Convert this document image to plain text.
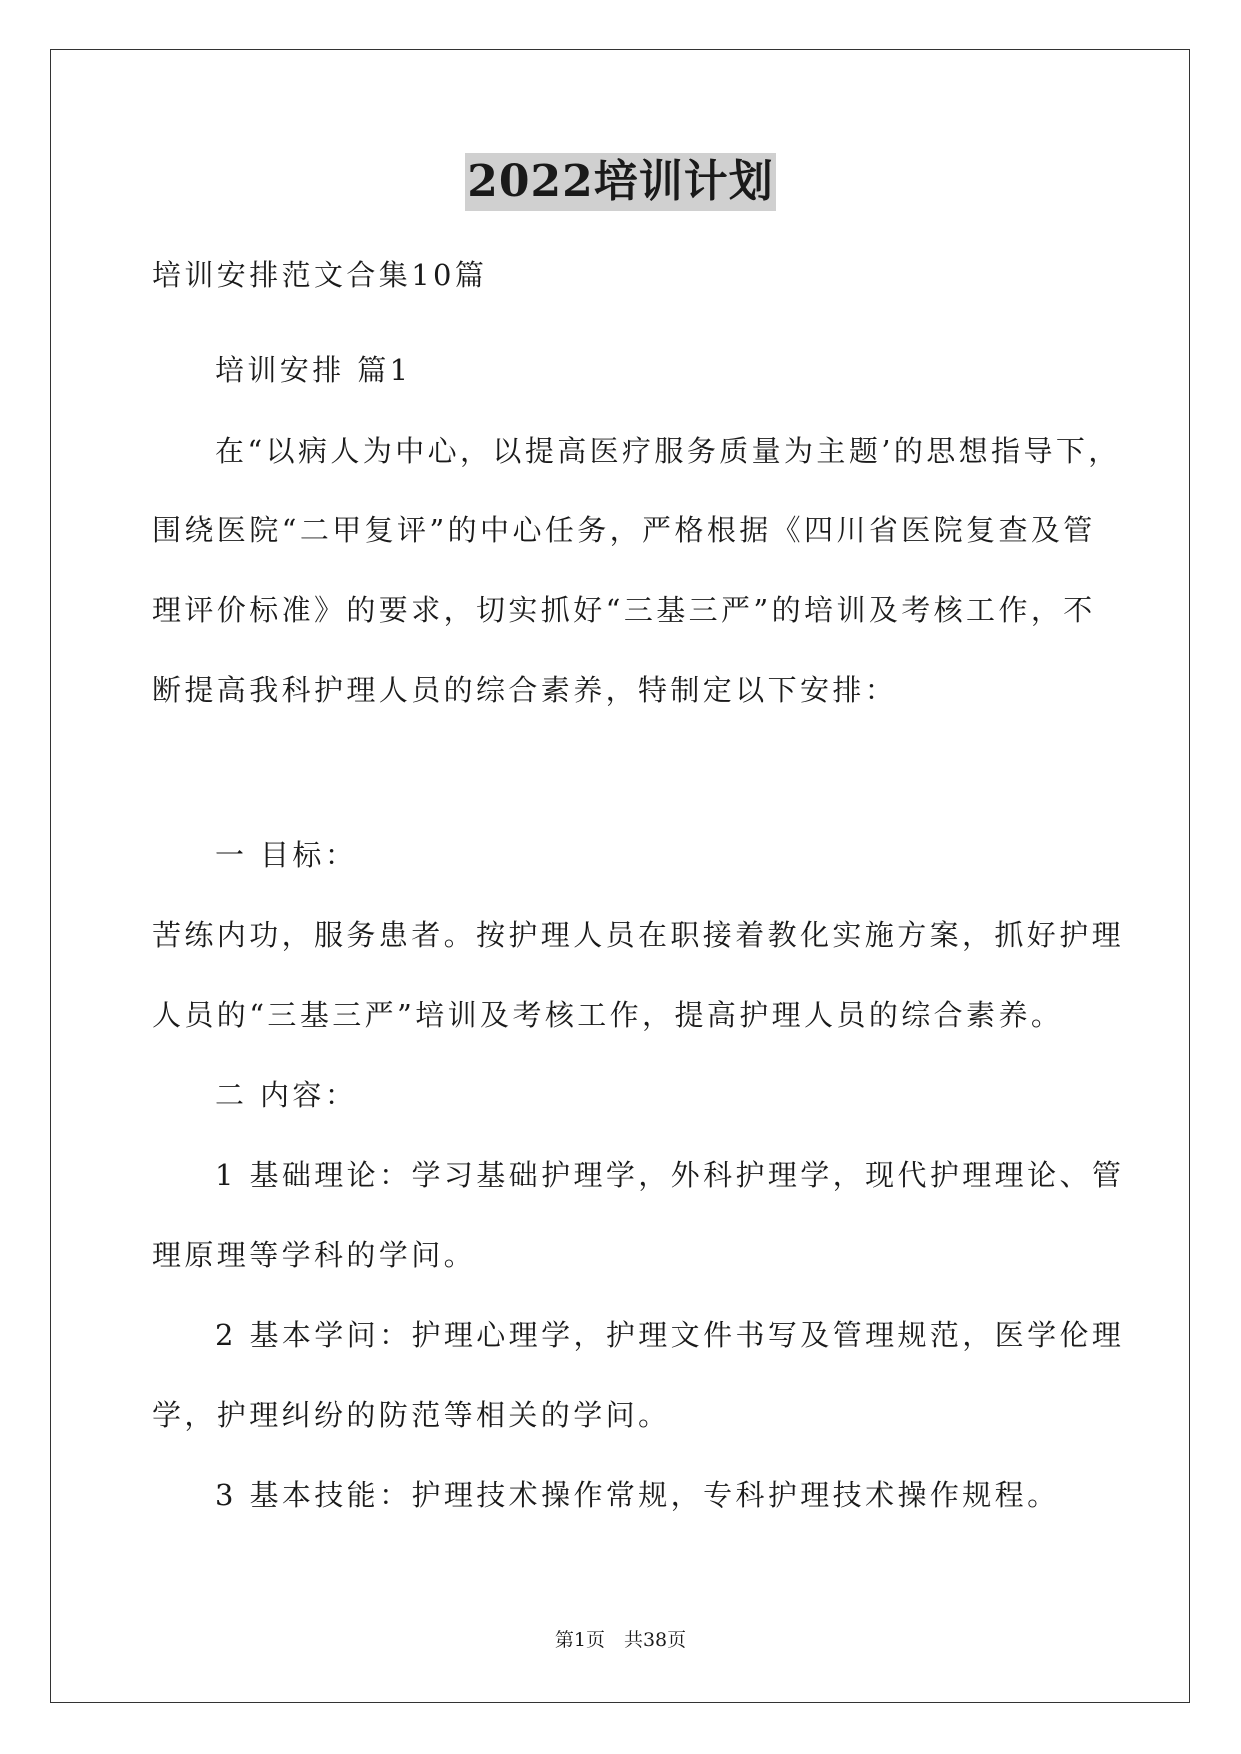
2022培训计划
培训安排范文合集10篇
培训安排 篇1
在“以病人为中心，以提高医疗服务质量为主题’的思想指导下，
围绕医院“二甲复评”的中心任务，严格根据《四川省医院复查及管
理评价标准》的要求，切实抓好“三基三严”的培训及考核工作，不
断提高我科护理人员的综合素养，特制定以下安排：
一 目标：
苦练内功，服务患者。按护理人员在职接着教化实施方案，抓好护理
人员的“三基三严”培训及考核工作，提高护理人员的综合素养。
二 内容：
1 基础理论：学习基础护理学，外科护理学，现代护理理论、管
理原理等学科的学问。
2 基本学问：护理心理学，护理文件书写及管理规范，医学伦理
学，护理纠纷的防范等相关的学问。
3 基本技能：护理技术操作常规，专科护理技术操作规程。
第1页　共38页
